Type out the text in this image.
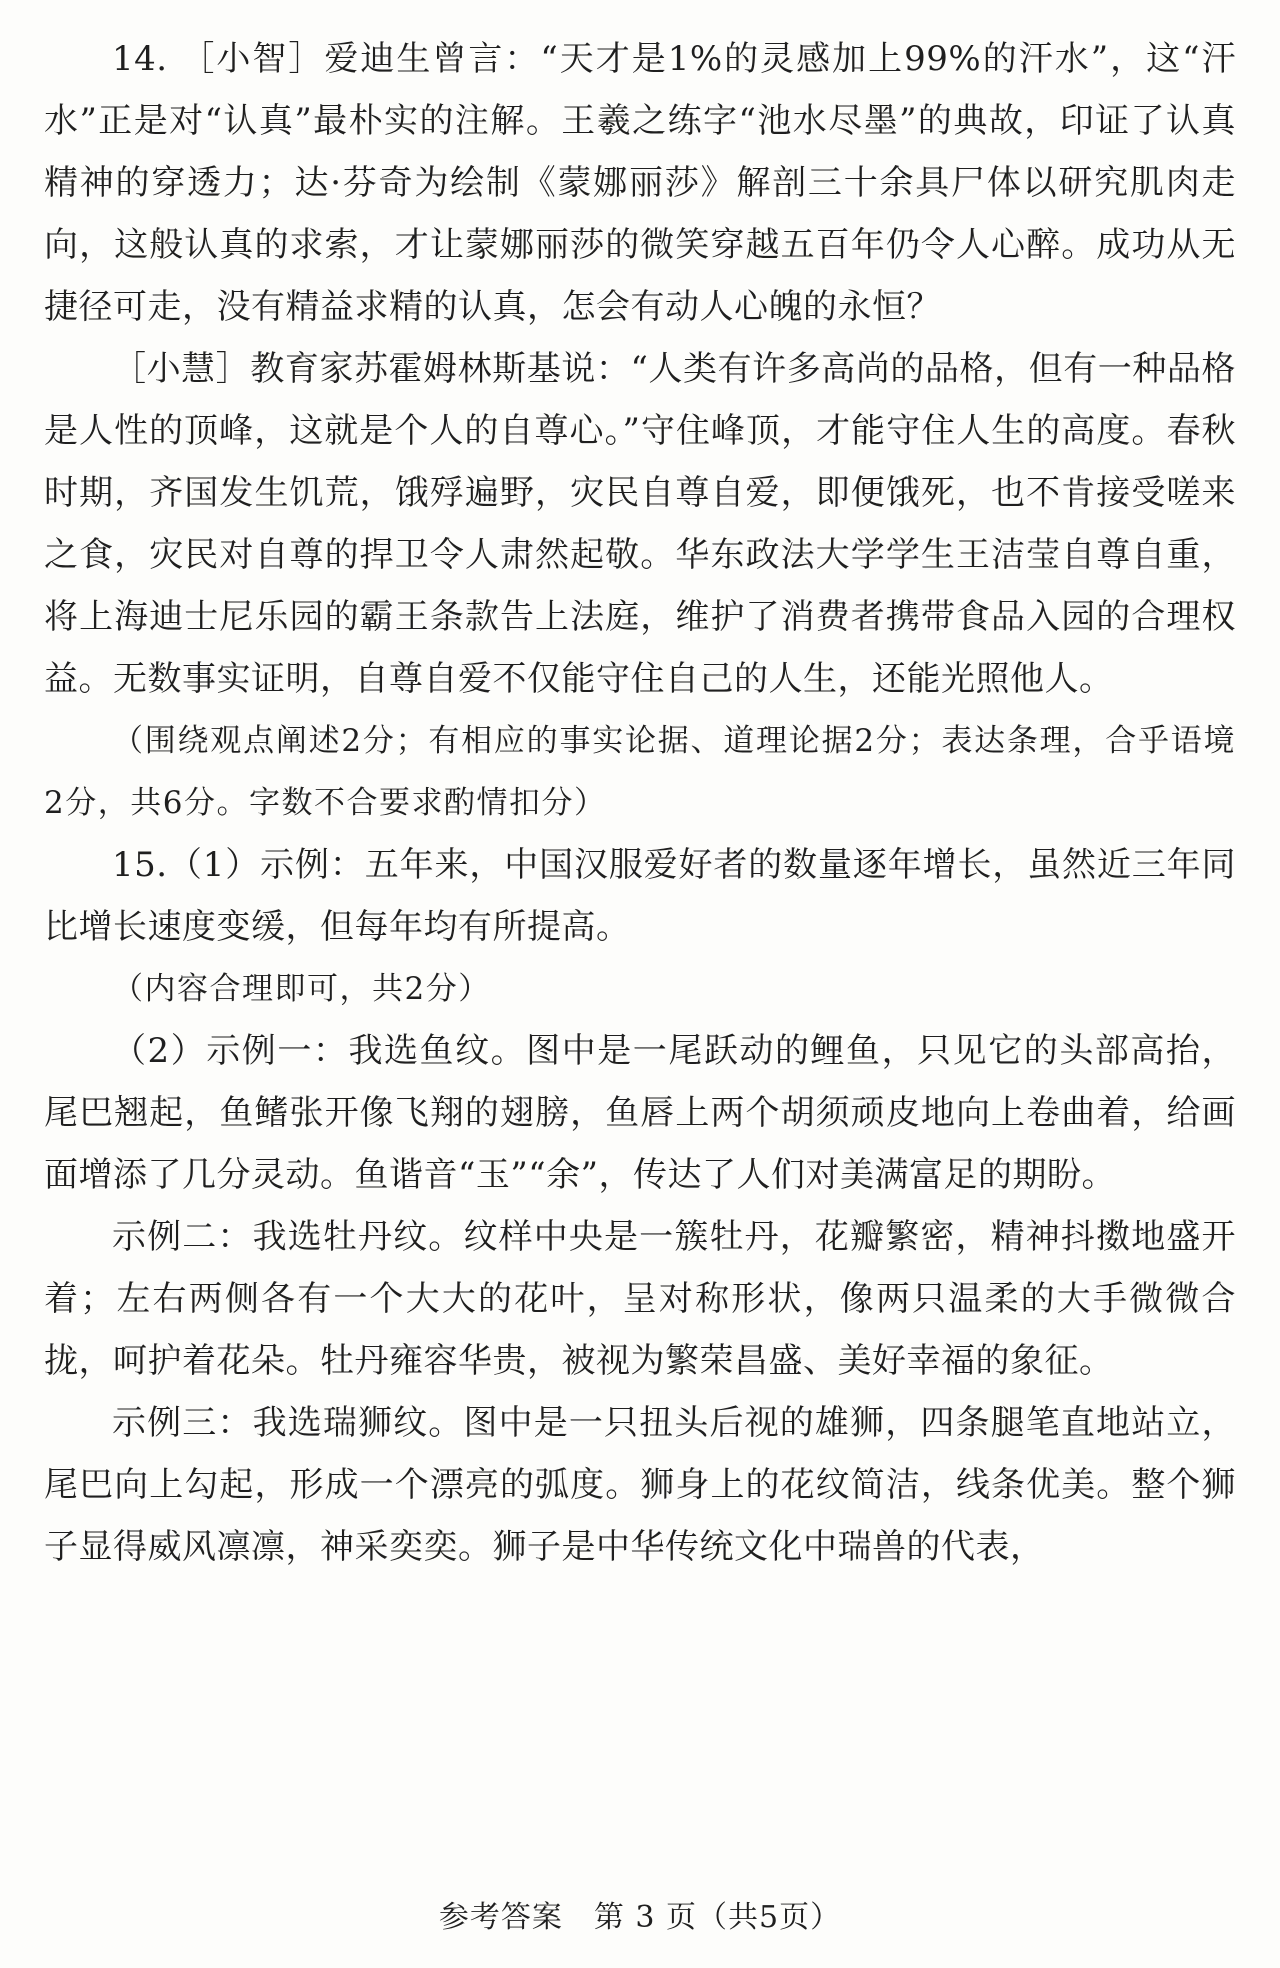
14. ［小智］爱迪生曾言：“天才是1%的灵感加上99%的汗水”，这“汗水”正是对“认真”最朴实的注解。王羲之练字“池水尽墨”的典故，印证了认真精神的穿透力；达·芬奇为绘制《蒙娜丽莎》解剖三十余具尸体以研究肌肉走向，这般认真的求索，才让蒙娜丽莎的微笑穿越五百年仍令人心醉。成功从无捷径可走，没有精益求精的认真，怎会有动人心魄的永恒？

［小慧］教育家苏霍姆林斯基说：“人类有许多高尚的品格，但有一种品格是人性的顶峰，这就是个人的自尊心。”守住峰顶，才能守住人生的高度。春秋时期，齐国发生饥荒，饿殍遍野，灾民自尊自爱，即便饿死，也不肯接受嗟来之食，灾民对自尊的捍卫令人肃然起敬。华东政法大学学生王洁莹自尊自重，将上海迪士尼乐园的霸王条款告上法庭，维护了消费者携带食品入园的合理权益。无数事实证明，自尊自爱不仅能守住自己的人生，还能光照他人。

（围绕观点阐述2分；有相应的事实论据、道理论据2分；表达条理，合乎语境2分，共6分。字数不合要求酌情扣分）

15.（1）示例：五年来，中国汉服爱好者的数量逐年增长，虽然近三年同比增长速度变缓，但每年均有所提高。

（内容合理即可，共2分）

（2）示例一：我选鱼纹。图中是一尾跃动的鲤鱼，只见它的头部高抬，尾巴翘起，鱼鳍张开像飞翔的翅膀，鱼唇上两个胡须顽皮地向上卷曲着，给画面增添了几分灵动。鱼谐音“玉”“余”，传达了人们对美满富足的期盼。

示例二：我选牡丹纹。纹样中央是一簇牡丹，花瓣繁密，精神抖擞地盛开着；左右两侧各有一个大大的花叶，呈对称形状，像两只温柔的大手微微合拢，呵护着花朵。牡丹雍容华贵，被视为繁荣昌盛、美好幸福的象征。

示例三：我选瑞狮纹。图中是一只扭头后视的雄狮，四条腿笔直地站立，尾巴向上勾起，形成一个漂亮的弧度。狮身上的花纹简洁，线条优美。整个狮子显得威风凛凛，神采奕奕。狮子是中华传统文化中瑞兽的代表，

参考答案　第 3 页（共5页）
